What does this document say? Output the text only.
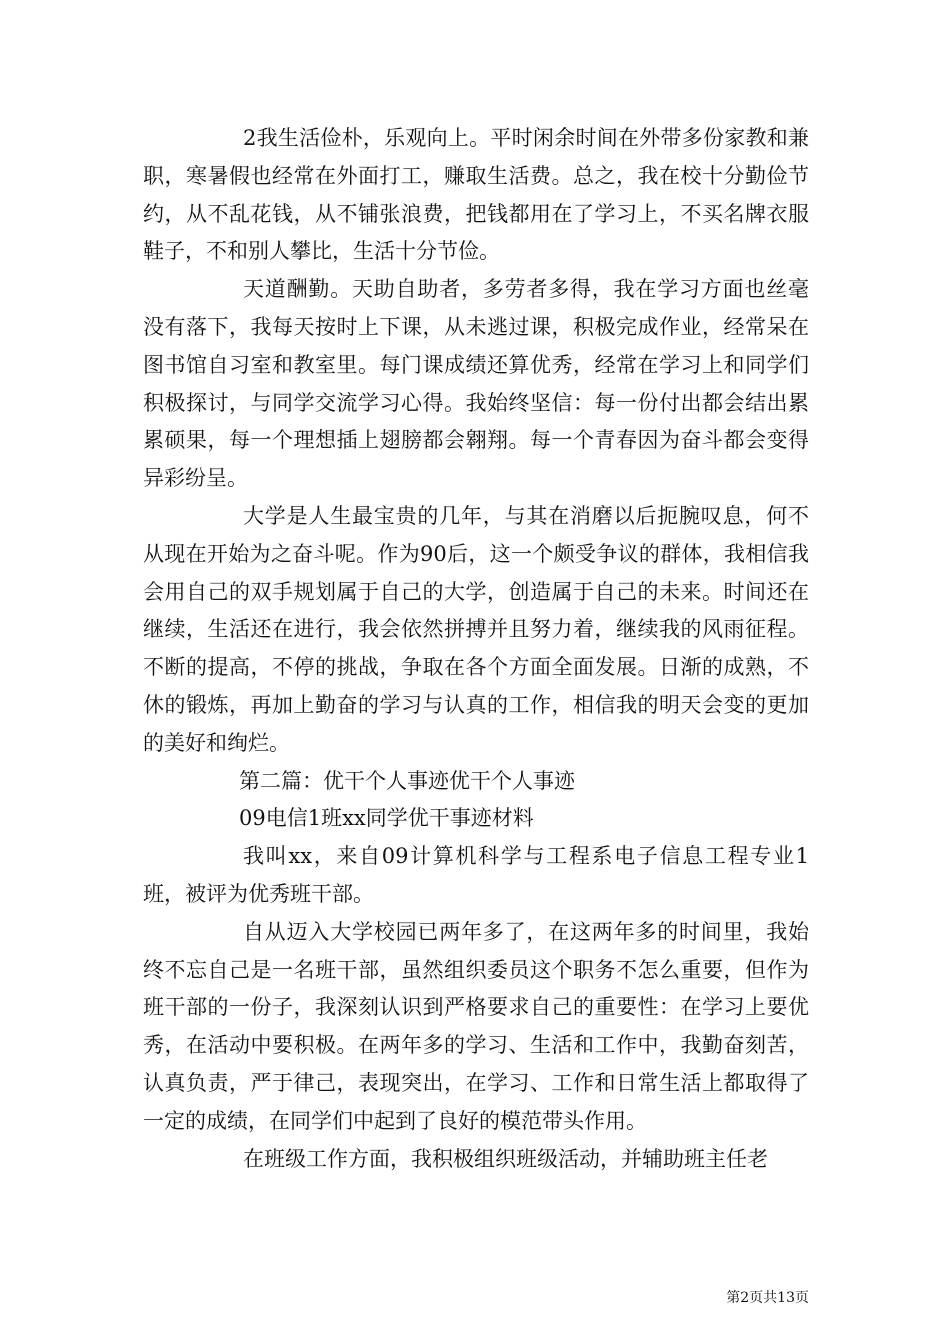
2我生活俭朴，乐观向上。平时闲余时间在外带多份家教和兼职，寒暑假也经常在外面打工，赚取生活费。总之，我在校十分勤俭节约，从不乱花钱，从不铺张浪费，把钱都用在了学习上，不买名牌衣服鞋子，不和别人攀比，生活十分节俭。

天道酬勤。天助自助者，多劳者多得，我在学习方面也丝毫没有落下，我每天按时上下课，从未逃过课，积极完成作业，经常呆在图书馆自习室和教室里。每门课成绩还算优秀，经常在学习上和同学们积极探讨，与同学交流学习心得。我始终坚信：每一份付出都会结出累累硕果，每一个理想插上翅膀都会翱翔。每一个青春因为奋斗都会变得异彩纷呈。

大学是人生最宝贵的几年，与其在消磨以后扼腕叹息，何不从现在开始为之奋斗呢。作为90后，这一个颇受争议的群体，我相信我会用自己的双手规划属于自己的大学，创造属于自己的未来。时间还在继续，生活还在进行，我会依然拼搏并且努力着，继续我的风雨征程。不断的提高，不停的挑战，争取在各个方面全面发展。日渐的成熟，不休的锻炼，再加上勤奋的学习与认真的工作，相信我的明天会变的更加的美好和绚烂。

第二篇：优干个人事迹优干个人事迹

09电信1班xx同学优干事迹材料

我叫xx，来自09计算机科学与工程系电子信息工程专业1班，被评为优秀班干部。

自从迈入大学校园已两年多了，在这两年多的时间里，我始终不忘自己是一名班干部，虽然组织委员这个职务不怎么重要，但作为班干部的一份子，我深刻认识到严格要求自己的重要性：在学习上要优秀，在活动中要积极。在两年多的学习、生活和工作中，我勤奋刻苦，认真负责，严于律己，表现突出，在学习、工作和日常生活上都取得了一定的成绩，在同学们中起到了良好的模范带头作用。

在班级工作方面，我积极组织班级活动，并辅助班主任老

第2页共13页
